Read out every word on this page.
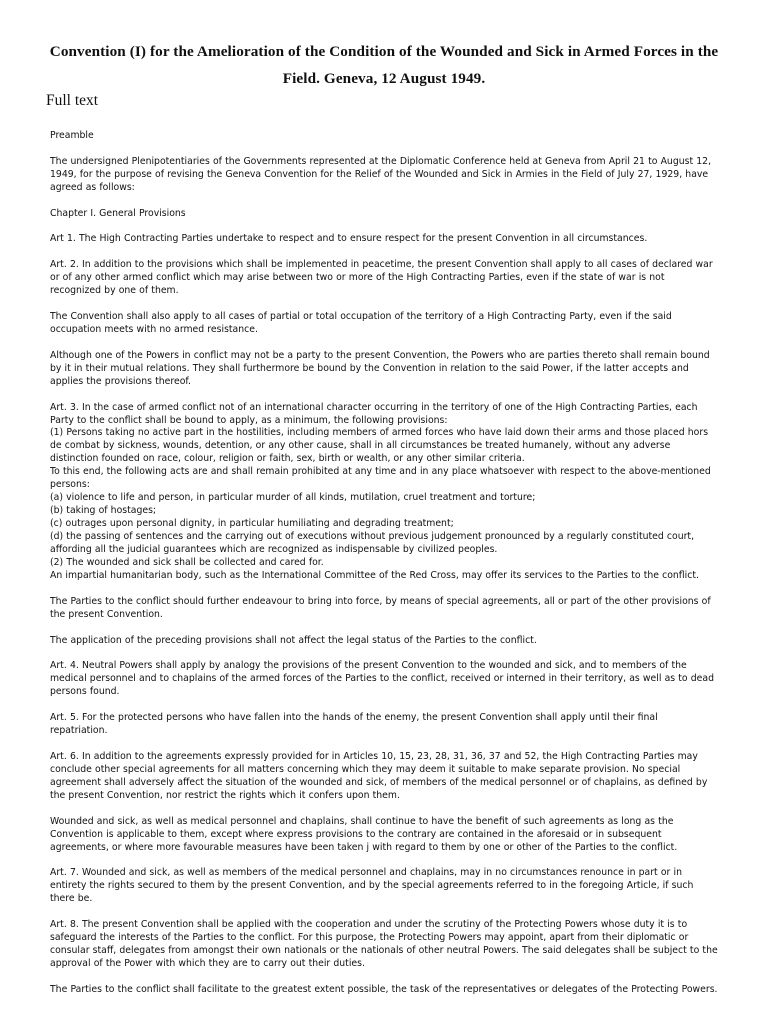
Convention (I) for the Amelioration of the Condition of the Wounded and Sick in Armed Forces in the Field. Geneva, 12 August 1949.
Full text

Preamble

The undersigned Plenipotentiaries of the Governments represented at the Diplomatic Conference held at Geneva from April 21 to August 12, 1949, for the purpose of revising the Geneva Convention for the Relief of the Wounded and Sick in Armies in the Field of July 27, 1929, have agreed as follows:

Chapter I. General Provisions

Art 1. The High Contracting Parties undertake to respect and to ensure respect for the present Convention in all circumstances.

Art. 2. In addition to the provisions which shall be implemented in peacetime, the present Convention shall apply to all cases of declared war or of any other armed conflict which may arise between two or more of the High Contracting Parties, even if the state of war is not recognized by one of them.

The Convention shall also apply to all cases of partial or total occupation of the territory of a High Contracting Party, even if the said occupation meets with no armed resistance.

Although one of the Powers in conflict may not be a party to the present Convention, the Powers who are parties thereto shall remain bound by it in their mutual relations. They shall furthermore be bound by the Convention in relation to the said Power, if the latter accepts and applies the provisions thereof.

Art. 3. In the case of armed conflict not of an international character occurring in the territory of one of the High Contracting Parties, each Party to the conflict shall be bound to apply, as a minimum, the following provisions:
(1) Persons taking no active part in the hostilities, including members of armed forces who have laid down their arms and those placed hors de combat by sickness, wounds, detention, or any other cause, shall in all circumstances be treated humanely, without any adverse distinction founded on race, colour, religion or faith, sex, birth or wealth, or any other similar criteria.
To this end, the following acts are and shall remain prohibited at any time and in any place whatsoever with respect to the above-mentioned persons:
(a) violence to life and person, in particular murder of all kinds, mutilation, cruel treatment and torture;
(b) taking of hostages;
(c) outrages upon personal dignity, in particular humiliating and degrading treatment;
(d) the passing of sentences and the carrying out of executions without previous judgement pronounced by a regularly constituted court, affording all the judicial guarantees which are recognized as indispensable by civilized peoples.
(2) The wounded and sick shall be collected and cared for.
An impartial humanitarian body, such as the International Committee of the Red Cross, may offer its services to the Parties to the conflict.

The Parties to the conflict should further endeavour to bring into force, by means of special agreements, all or part of the other provisions of the present Convention.

The application of the preceding provisions shall not affect the legal status of the Parties to the conflict.

Art. 4. Neutral Powers shall apply by analogy the provisions of the present Convention to the wounded and sick, and to members of the medical personnel and to chaplains of the armed forces of the Parties to the conflict, received or interned in their territory, as well as to dead persons found.

Art. 5. For the protected persons who have fallen into the hands of the enemy, the present Convention shall apply until their final repatriation.

Art. 6. In addition to the agreements expressly provided for in Articles 10, 15, 23, 28, 31, 36, 37 and 52, the High Contracting Parties may conclude other special agreements for all matters concerning which they may deem it suitable to make separate provision. No special agreement shall adversely affect the situation of the wounded and sick, of members of the medical personnel or of chaplains, as defined by the present Convention, nor restrict the rights which it confers upon them.

Wounded and sick, as well as medical personnel and chaplains, shall continue to have the benefit of such agreements as long as the Convention is applicable to them, except where express provisions to the contrary are contained in the aforesaid or in subsequent agreements, or where more favourable measures have been taken j with regard to them by one or other of the Parties to the conflict.

Art. 7. Wounded and sick, as well as members of the medical personnel and chaplains, may in no circumstances renounce in part or in entirety the rights secured to them by the present Convention, and by the special agreements referred to in the foregoing Article, if such there be.

Art. 8. The present Convention shall be applied with the cooperation and under the scrutiny of the Protecting Powers whose duty it is to safeguard the interests of the Parties to the conflict. For this purpose, the Protecting Powers may appoint, apart from their diplomatic or consular staff, delegates from amongst their own nationals or the nationals of other neutral Powers. The said delegates shall be subject to the approval of the Power with which they are to carry out their duties.

The Parties to the conflict shall facilitate to the greatest extent possible, the task of the representatives or delegates of the Protecting Powers.
